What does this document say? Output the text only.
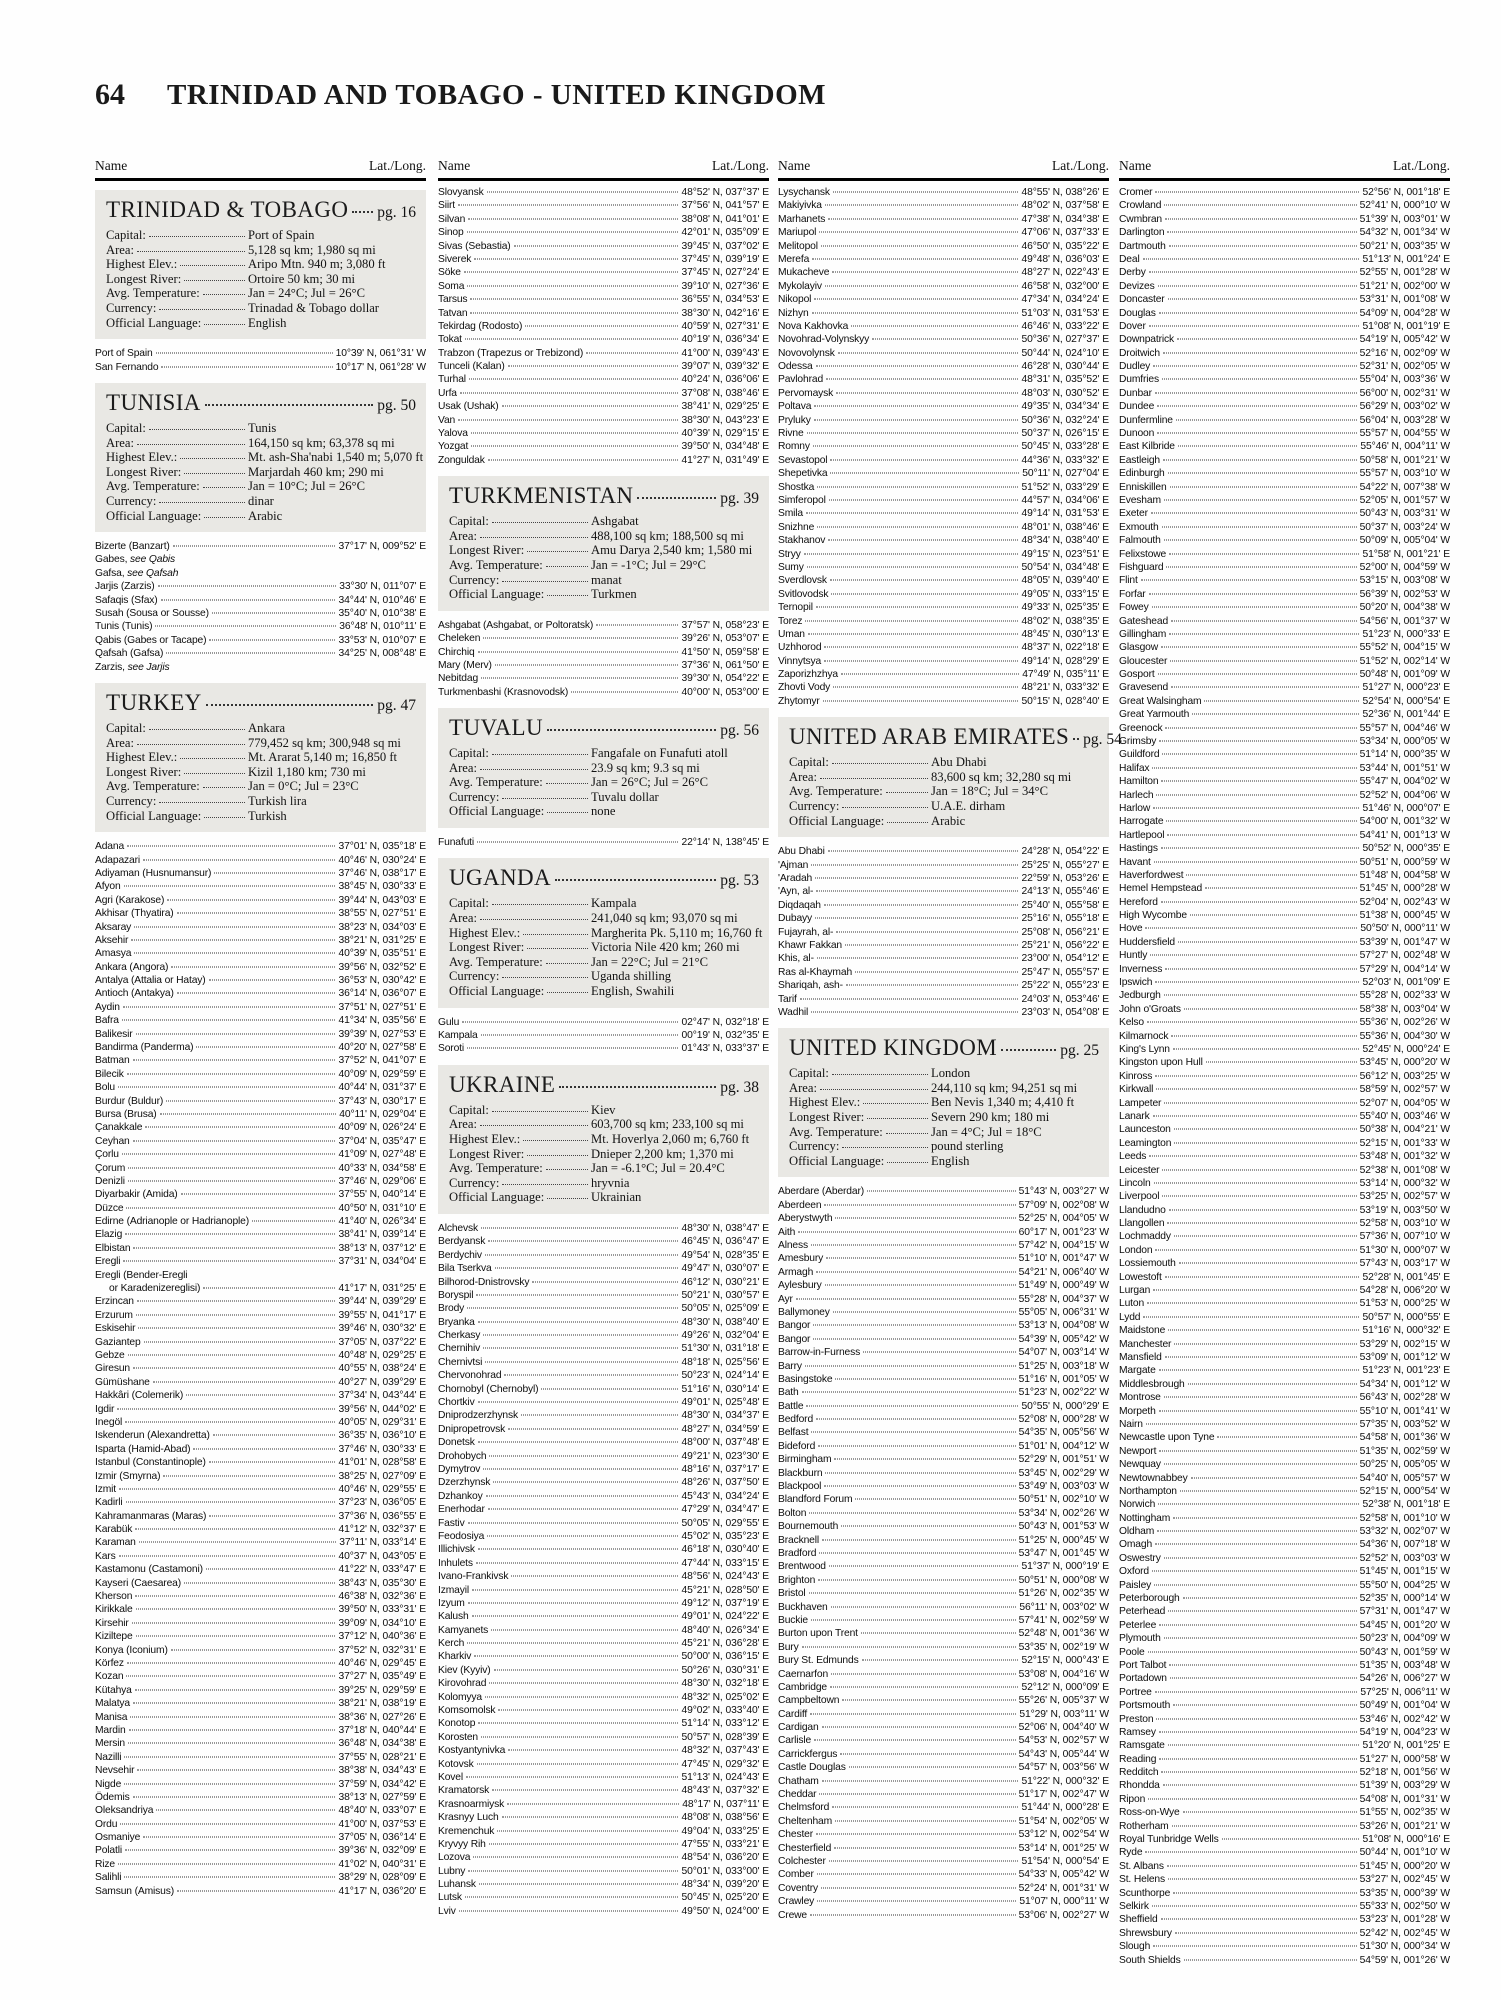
64 TRINIDAD AND TOBAGO - UNITED KINGDOM
Name	Lat./Long.
TRINIDAD & TOBAGO pg. 16
Capital:	Port of Spain
Area:	5,128 sq km; 1,980 sq mi
Highest Elev.:	Aripo Mtn. 940 m; 3,080 ft
Longest River:	Ortoire 50 km; 30 mi
Avg. Temperature:	Jan = 24°C; Jul = 26°C
Currency:	Trinadad & Tobago dollar
Official Language:	English
Port of Spain	10°39' N, 061°31' W
San Fernando	10°17' N, 061°28' W
TUNISIA	pg. 50
Capital:	Tunis
Area:	164,150 sq km; 63,378 sq mi
Highest Elev.:	Mt. ash-Sha'nabi 1,540 m; 5,070 ft
Longest River:	Marjardah 460 km; 290 mi
Avg. Temperature:	Jan = 10°C; Jul = 26°C
Currency:	dinar
Official Language:	Arabic
Bizerte (Banzart)	37°17' N, 009°52' E
Gabes, see Qabis
Gafsa, see Qafsah
Jarjis (Zarzis)	33°30' N, 011°07' E
Safaqis (Sfax)	34°44' N, 010°46' E
Susah (Sousa or Sousse)	35°40' N, 010°38' E
Tunis (Tunis)	36°48' N, 010°11' E
Qabis (Gabes or Tacape)	33°53' N, 010°07' E
Qafsah (Gafsa)	34°25' N, 008°48' E
Zarzis, see Jarjis
TURKEY	pg. 47
Capital:	Ankara
Area:	779,452 sq km; 300,948 sq mi
Highest Elev.:	Mt. Ararat 5,140 m; 16,850 ft
Longest River:	Kizil 1,180 km; 730 mi
Avg. Temperature:	Jan = 0°C; Jul = 23°C
Currency:	Turkish lira
Official Language:	Turkish
Adana	37°01' N, 035°18' E
Adapazari	40°46' N, 030°24' E
Adiyaman (Husnumansur)	37°46' N, 038°17' E
Afyon	38°45' N, 030°33' E
Agri (Karakose)	39°44' N, 043°03' E
Akhisar (Thyatira)	38°55' N, 027°51' E
Aksaray	38°23' N, 034°03' E
Aksehir	38°21' N, 031°25' E
Amasya	40°39' N, 035°51' E
Ankara (Angora)	39°56' N, 032°52' E
Antalya (Attalia or Hatay)	36°53' N, 030°42' E
Antioch (Antakya)	36°14' N, 036°07' E
Aydin	37°51' N, 027°51' E
Bafra	41°34' N, 035°56' E
Balikesir	39°39' N, 027°53' E
Bandirma (Panderma)	40°20' N, 027°58' E
Batman	37°52' N, 041°07' E
Bilecik	40°09' N, 029°59' E
Bolu	40°44' N, 031°37' E
Burdur (Buldur)	37°43' N, 030°17' E
Bursa (Brusa)	40°11' N, 029°04' E
Çanakkale	40°09' N, 026°24' E
Ceyhan	37°04' N, 035°47' E
Çorlu	41°09' N, 027°48' E
Çorum	40°33' N, 034°58' E
Denizli	37°46' N, 029°06' E
Diyarbakir (Amida)	37°55' N, 040°14' E
Düzce	40°50' N, 031°10' E
Edirne (Adrianople or Hadrianople)	41°40' N, 026°34' E
Elazig	38°41' N, 039°14' E
Elbistan	38°13' N, 037°12' E
Eregli	37°31' N, 034°04' E
Eregli (Bender-Eregli
or Karadenizereglisi)	41°17' N, 031°25' E
Erzincan	39°44' N, 039°29' E
Erzurum	39°55' N, 041°17' E
Eskisehir	39°46' N, 030°32' E
Gaziantep	37°05' N, 037°22' E
Gebze	40°48' N, 029°25' E
Giresun	40°55' N, 038°24' E
Gümüshane	40°27' N, 039°29' E
Hakkâri (Colemerik)	37°34' N, 043°44' E
Igdir	39°56' N, 044°02' E
Inegöl	40°05' N, 029°31' E
Iskenderun (Alexandretta)	36°35' N, 036°10' E
Isparta (Hamid-Abad)	37°46' N, 030°33' E
Istanbul (Constantinople)	41°01' N, 028°58' E
Izmir (Smyrna)	38°25' N, 027°09' E
Izmit	40°46' N, 029°55' E
Kadirli	37°23' N, 036°05' E
Kahramanmaras (Maras)	37°36' N, 036°55' E
Karabük	41°12' N, 032°37' E
Karaman	37°11' N, 033°14' E
Kars	40°37' N, 043°05' E
Kastamonu (Castamoni)	41°22' N, 033°47' E
Kayseri (Caesarea)	38°43' N, 035°30' E
Kherson	46°38' N, 032°36' E
Kirikkale	39°50' N, 033°31' E
Kirsehir	39°09' N, 034°10' E
Kiziltepe	37°12' N, 040°36' E
Konya (Iconium)	37°52' N, 032°31' E
Körfez	40°46' N, 029°45' E
Kozan	37°27' N, 035°49' E
Kütahya	39°25' N, 029°59' E
Malatya	38°21' N, 038°19' E
Manisa	38°36' N, 027°26' E
Mardin	37°18' N, 040°44' E
Mersin	36°48' N, 034°38' E
Nazilli	37°55' N, 028°21' E
Nevsehir	38°38' N, 034°43' E
Nigde	37°59' N, 034°42' E
Ödemis	38°13' N, 027°59' E
Oleksandriya	48°40' N, 033°07' E
Ordu	41°00' N, 037°53' E
Osmaniye	37°05' N, 036°14' E
Polatli	39°36' N, 032°09' E
Rize	41°02' N, 040°31' E
Salihli	38°29' N, 028°09' E
Samsun (Amisus)	41°17' N, 036°20' E
Name	Lat./Long.
Slovyansk	48°52' N, 037°37' E
Siirt	37°56' N, 041°57' E
Silvan	38°08' N, 041°01' E
Sinop	42°01' N, 035°09' E
Sivas (Sebastia)	39°45' N, 037°02' E
Siverek	37°45' N, 039°19' E
Söke	37°45' N, 027°24' E
Soma	39°10' N, 027°36' E
Tarsus	36°55' N, 034°53' E
Tatvan	38°30' N, 042°16' E
Tekirdag (Rodosto)	40°59' N, 027°31' E
Tokat	40°19' N, 036°34' E
Trabzon (Trapezus or Trebizond)	41°00' N, 039°43' E
Tunceli (Kalan)	39°07' N, 039°32' E
Turhal	40°24' N, 036°06' E
Urfa	37°08' N, 038°46' E
Usak (Ushak)	38°41' N, 029°25' E
Van	38°30' N, 043°23' E
Yalova	40°39' N, 029°15' E
Yozgat	39°50' N, 034°48' E
Zonguldak	41°27' N, 031°49' E
TURKMENISTAN	pg. 39
Capital:	Ashgabat
Area:	488,100 sq km; 188,500 sq mi
Longest River:	Amu Darya 2,540 km; 1,580 mi
Avg. Temperature:	Jan = -1°C; Jul = 29°C
Currency:	manat
Official Language:	Turkmen
Ashgabat (Ashgabat, or Poltoratsk)	37°57' N, 058°23' E
Cheleken	39°26' N, 053°07' E
Chirchiq	41°50' N, 059°58' E
Mary (Merv)	37°36' N, 061°50' E
Nebitdag	39°30' N, 054°22' E
Turkmenbashi (Krasnovodsk)	40°00' N, 053°00' E
TUVALU	pg. 56
Capital:	Fangafale on Funafuti atoll
Area:	23.9 sq km; 9.3 sq mi
Avg. Temperature:	Jan = 26°C; Jul = 26°C
Currency:	Tuvalu dollar
Official Language:	none
Funafuti	22°14' N, 138°45' E
UGANDA	pg. 53
Capital:	Kampala
Area:	241,040 sq km; 93,070 sq mi
Highest Elev.:	Margherita Pk. 5,110 m; 16,760 ft
Longest River:	Victoria Nile 420 km; 260 mi
Avg. Temperature:	Jan = 22°C; Jul = 21°C
Currency:	Uganda shilling
Official Language:	English, Swahili
Gulu	02°47' N, 032°18' E
Kampala	00°19' N, 032°35' E
Soroti	01°43' N, 033°37' E
UKRAINE	pg. 38
Capital:	Kiev
Area:	603,700 sq km; 233,100 sq mi
Highest Elev.:	Mt. Hoverlya 2,060 m; 6,760 ft
Longest River:	Dnieper 2,200 km; 1,370 mi
Avg. Temperature:	Jan = -6.1°C; Jul = 20.4°C
Currency:	hryvnia
Official Language:	Ukrainian
Alchevsk	48°30' N, 038°47' E
Berdyansk	46°45' N, 036°47' E
Berdychiv	49°54' N, 028°35' E
Bila Tserkva	49°47' N, 030°07' E
Bilhorod-Dnistrovsky	46°12' N, 030°21' E
Boryspil	50°21' N, 030°57' E
Brody	50°05' N, 025°09' E
Bryanka	48°30' N, 038°40' E
Cherkasy	49°26' N, 032°04' E
Chernihiv	51°30' N, 031°18' E
Chernivtsi	48°18' N, 025°56' E
Chervonohrad	50°23' N, 024°14' E
Chornobyl (Chernobyl)	51°16' N, 030°14' E
Chortkiv	49°01' N, 025°48' E
Dniprodzerzhynsk	48°30' N, 034°37' E
Dnipropetrovsk	48°27' N, 034°59' E
Donetsk	48°00' N, 037°48' E
Drohobych	49°21' N, 023°30' E
Dymytrov	48°16' N, 037°17' E
Dzerzhynsk	48°26' N, 037°50' E
Dzhankoy	45°43' N, 034°24' E
Enerhodar	47°29' N, 034°47' E
Fastiv	50°05' N, 029°55' E
Feodosiya	45°02' N, 035°23' E
Illichivsk	46°18' N, 030°40' E
Inhulets	47°44' N, 033°15' E
Ivano-Frankivsk	48°56' N, 024°43' E
Izmayil	45°21' N, 028°50' E
Izyum	49°12' N, 037°19' E
Kalush	49°01' N, 024°22' E
Kamyanets	48°40' N, 026°34' E
Kerch	45°21' N, 036°28' E
Kharkiv	50°00' N, 036°15' E
Kiev (Kyyiv)	50°26' N, 030°31' E
Kirovohrad	48°30' N, 032°18' E
Kolomyya	48°32' N, 025°02' E
Komsomolsk	49°02' N, 033°40' E
Konotop	51°14' N, 033°12' E
Korosten	50°57' N, 028°39' E
Kostyantynivka	48°32' N, 037°43' E
Kotovsk	47°45' N, 029°32' E
Kovel	51°13' N, 024°43' E
Kramatorsk	48°43' N, 037°32' E
Krasnoarmiysk	48°17' N, 037°11' E
Krasnyy Luch	48°08' N, 038°56' E
Kremenchuk	49°04' N, 033°25' E
Kryvyy Rih	47°55' N, 033°21' E
Lozova	48°54' N, 036°20' E
Lubny	50°01' N, 033°00' E
Luhansk	48°34' N, 039°20' E
Lutsk	50°45' N, 025°20' E
Lviv	49°50' N, 024°00' E
Name	Lat./Long.
Lysychansk	48°55' N, 038°26' E
Makiyivka	48°02' N, 037°58' E
Marhanets	47°38' N, 034°38' E
Mariupol	47°06' N, 037°33' E
Melitopol	46°50' N, 035°22' E
Merefa	49°48' N, 036°03' E
Mukacheve	48°27' N, 022°43' E
Mykolayiv	46°58' N, 032°00' E
Nikopol	47°34' N, 034°24' E
Nizhyn	51°03' N, 031°53' E
Nova Kakhovka	46°46' N, 033°22' E
Novohrad-Volynskyy	50°36' N, 027°37' E
Novovolynsk	50°44' N, 024°10' E
Odessa	46°28' N, 030°44' E
Pavlohrad	48°31' N, 035°52' E
Pervomaysk	48°03' N, 030°52' E
Poltava	49°35' N, 034°34' E
Pryluky	50°36' N, 032°24' E
Rivne	50°37' N, 026°15' E
Romny	50°45' N, 033°28' E
Sevastopol	44°36' N, 033°32' E
Shepetivka	50°11' N, 027°04' E
Shostka	51°52' N, 033°29' E
Simferopol	44°57' N, 034°06' E
Smila	49°14' N, 031°53' E
Snizhne	48°01' N, 038°46' E
Stakhanov	48°34' N, 038°40' E
Stryy	49°15' N, 023°51' E
Sumy	50°54' N, 034°48' E
Sverdlovsk	48°05' N, 039°40' E
Svitlovodsk	49°05' N, 033°15' E
Ternopil	49°33' N, 025°35' E
Torez	48°02' N, 038°35' E
Uman	48°45' N, 030°13' E
Uzhhorod	48°37' N, 022°18' E
Vinnytsya	49°14' N, 028°29' E
Zaporizhzhya	47°49' N, 035°11' E
Zhovti Vody	48°21' N, 033°32' E
Zhytomyr	50°15' N, 028°40' E
UNITED ARAB EMIRATES pg. 54
Capital:	Abu Dhabi
Area:	83,600 sq km; 32,280 sq mi
Avg. Temperature:	Jan = 18°C; Jul = 34°C
Currency:	U.A.E. dirham
Official Language:	Arabic
Abu Dhabi	24°28' N, 054°22' E
'Ajman	25°25' N, 055°27' E
'Aradah	22°59' N, 053°26' E
'Ayn, al-	24°13' N, 055°46' E
Diqdaqah	25°40' N, 055°58' E
Dubayy	25°16' N, 055°18' E
Fujayrah, al-	25°08' N, 056°21' E
Khawr Fakkan	25°21' N, 056°22' E
Khis, al-	23°00' N, 054°12' E
Ras al-Khaymah	25°47' N, 055°57' E
Shariqah, ash-	25°22' N, 055°23' E
Tarif	24°03' N, 053°46' E
Wadhil	23°03' N, 054°08' E
UNITED KINGDOM	pg. 25
Capital:	London
Area:	244,110 sq km; 94,251 sq mi
Highest Elev.:	Ben Nevis 1,340 m; 4,410 ft
Longest River:	Severn 290 km; 180 mi
Avg. Temperature:	Jan = 4°C; Jul = 18°C
Currency:	pound sterling
Official Language:	English
Aberdare (Aberdar)	51°43' N, 003°27' W
Aberdeen	57°09' N, 002°08' W
Aberystwyth	52°25' N, 004°05' W
Aith	60°17' N, 001°23' W
Alness	57°42' N, 004°15' W
Amesbury	51°10' N, 001°47' W
Armagh	54°21' N, 006°40' W
Aylesbury	51°49' N, 000°49' W
Ayr	55°28' N, 004°37' W
Ballymoney	55°05' N, 006°31' W
Bangor	53°13' N, 004°08' W
Bangor	54°39' N, 005°42' W
Barrow-in-Furness	54°07' N, 003°14' W
Barry	51°25' N, 003°18' W
Basingstoke	51°16' N, 001°05' W
Bath	51°23' N, 002°22' W
Battle	50°55' N, 000°29' E
Bedford	52°08' N, 000°28' W
Belfast	54°35' N, 005°56' W
Bideford	51°01' N, 004°12' W
Birmingham	52°29' N, 001°51' W
Blackburn	53°45' N, 002°29' W
Blackpool	53°49' N, 003°03' W
Blandford Forum	50°51' N, 002°10' W
Bolton	53°34' N, 002°26' W
Bournemouth	50°43' N, 001°53' W
Bracknell	51°25' N, 000°45' W
Bradford	53°47' N, 001°45' W
Brentwood	51°37' N, 000°19' E
Brighton	50°51' N, 000°08' W
Bristol	51°26' N, 002°35' W
Buckhaven	56°11' N, 003°02' W
Buckie	57°41' N, 002°59' W
Burton upon Trent	52°48' N, 001°36' W
Bury	53°35' N, 002°19' W
Bury St. Edmunds	52°15' N, 000°43' E
Caernarfon	53°08' N, 004°16' W
Cambridge	52°12' N, 000°09' E
Campbeltown	55°26' N, 005°37' W
Cardiff	51°29' N, 003°11' W
Cardigan	52°06' N, 004°40' W
Carlisle	54°53' N, 002°57' W
Carrickfergus	54°43' N, 005°44' W
Castle Douglas	54°57' N, 003°56' W
Chatham	51°22' N, 000°32' E
Cheddar	51°17' N, 002°47' W
Chelmsford	51°44' N, 000°28' E
Cheltenham	51°54' N, 002°05' W
Chester	53°12' N, 002°54' W
Chesterfield	53°14' N, 001°25' W
Colchester	51°54' N, 000°54' E
Comber	54°33' N, 005°42' W
Coventry	52°24' N, 001°31' W
Crawley	51°07' N, 000°11' W
Crewe	53°06' N, 002°27' W
Name	Lat./Long.
Cromer	52°56' N, 001°18' E
Crowland	52°41' N, 000°10' W
Cwmbran	51°39' N, 003°01' W
Darlington	54°32' N, 001°34' W
Dartmouth	50°21' N, 003°35' W
Deal	51°13' N, 001°24' E
Derby	52°55' N, 001°28' W
Devizes	51°21' N, 002°00' W
Doncaster	53°31' N, 001°08' W
Douglas	54°09' N, 004°28' W
Dover	51°08' N, 001°19' E
Downpatrick	54°19' N, 005°42' W
Droitwich	52°16' N, 002°09' W
Dudley	52°31' N, 002°05' W
Dumfries	55°04' N, 003°36' W
Dunbar	56°00' N, 002°31' W
Dundee	56°29' N, 003°02' W
Dunfermline	56°04' N, 003°28' W
Dunoon	55°57' N, 004°55' W
East Kilbride	55°46' N, 004°11' W
Eastleigh	50°58' N, 001°21' W
Edinburgh	55°57' N, 003°10' W
Enniskillen	54°22' N, 007°38' W
Evesham	52°05' N, 001°57' W
Exeter	50°43' N, 003°31' W
Exmouth	50°37' N, 003°24' W
Falmouth	50°09' N, 005°04' W
Felixstowe	51°58' N, 001°21' E
Fishguard	52°00' N, 004°59' W
Flint	53°15' N, 003°08' W
Forfar	56°39' N, 002°53' W
Fowey	50°20' N, 004°38' W
Gateshead	54°56' N, 001°37' W
Gillingham	51°23' N, 000°33' E
Glasgow	55°52' N, 004°15' W
Gloucester	51°52' N, 002°14' W
Gosport	50°48' N, 001°09' W
Gravesend	51°27' N, 000°23' E
Great Walsingham	52°54' N, 000°54' E
Great Yarmouth	52°36' N, 001°44' E
Greenock	55°57' N, 004°46' W
Grimsby	53°34' N, 000°05' W
Guildford	51°14' N, 000°35' W
Halifax	53°44' N, 001°51' W
Hamilton	55°47' N, 004°02' W
Harlech	52°52' N, 004°06' W
Harlow	51°46' N, 000°07' E
Harrogate	54°00' N, 001°32' W
Hartlepool	54°41' N, 001°13' W
Hastings	50°52' N, 000°35' E
Havant	50°51' N, 000°59' W
Haverfordwest	51°48' N, 004°58' W
Hemel Hempstead	51°45' N, 000°28' W
Hereford	52°04' N, 002°43' W
High Wycombe	51°38' N, 000°45' W
Hove	50°50' N, 000°11' W
Huddersfield	53°39' N, 001°47' W
Huntly	57°27' N, 002°48' W
Inverness	57°29' N, 004°14' W
Ipswich	52°03' N, 001°09' E
Jedburgh	55°28' N, 002°33' W
John o'Groats	58°38' N, 003°04' W
Kelso	55°36' N, 002°26' W
Kilmarnock	55°36' N, 004°30' W
King's Lynn	52°45' N, 000°24' E
Kingston upon Hull	53°45' N, 000°20' W
Kinross	56°12' N, 003°25' W
Kirkwall	58°59' N, 002°57' W
Lampeter	52°07' N, 004°05' W
Lanark	55°40' N, 003°46' W
Launceston	50°38' N, 004°21' W
Leamington	52°15' N, 001°33' W
Leeds	53°48' N, 001°32' W
Leicester	52°38' N, 001°08' W
Lincoln	53°14' N, 000°32' W
Liverpool	53°25' N, 002°57' W
Llandudno	53°19' N, 003°50' W
Llangollen	52°58' N, 003°10' W
Lochmaddy	57°36' N, 007°10' W
London	51°30' N, 000°07' W
Lossiemouth	57°43' N, 003°17' W
Lowestoft	52°28' N, 001°45' E
Lurgan	54°28' N, 006°20' W
Luton	51°53' N, 000°25' W
Lydd	50°57' N, 000°55' E
Maidstone	51°16' N, 000°32' E
Manchester	53°29' N, 002°15' W
Mansfield	53°09' N, 001°12' W
Margate	51°23' N, 001°23' E
Middlesbrough	54°34' N, 001°12' W
Montrose	56°43' N, 002°28' W
Morpeth	55°10' N, 001°41' W
Nairn	57°35' N, 003°52' W
Newcastle upon Tyne	54°58' N, 001°36' W
Newport	51°35' N, 002°59' W
Newquay	50°25' N, 005°05' W
Newtownabbey	54°40' N, 005°57' W
Northampton	52°15' N, 000°54' W
Norwich	52°38' N, 001°18' E
Nottingham	52°58' N, 001°10' W
Oldham	53°32' N, 002°07' W
Omagh	54°36' N, 007°18' W
Oswestry	52°52' N, 003°03' W
Oxford	51°45' N, 001°15' W
Paisley	55°50' N, 004°25' W
Peterborough	52°35' N, 000°14' W
Peterhead	57°31' N, 001°47' W
Peterlee	54°45' N, 001°20' W
Plymouth	50°23' N, 004°09' W
Poole	50°43' N, 001°59' W
Port Talbot	51°35' N, 003°48' W
Portadown	54°26' N, 006°27' W
Portree	57°25' N, 006°11' W
Portsmouth	50°49' N, 001°04' W
Preston	53°46' N, 002°42' W
Ramsey	54°19' N, 004°23' W
Ramsgate	51°20' N, 001°25' E
Reading	51°27' N, 000°58' W
Redditch	52°18' N, 001°56' W
Rhondda	51°39' N, 003°29' W
Ripon	54°08' N, 001°31' W
Ross-on-Wye	51°55' N, 002°35' W
Rotherham	53°26' N, 001°21' W
Royal Tunbridge Wells	51°08' N, 000°16' E
Ryde	50°44' N, 001°10' W
St. Albans	51°45' N, 000°20' W
St. Helens	53°27' N, 002°45' W
Scunthorpe	53°35' N, 000°39' W
Selkirk	55°33' N, 002°50' W
Sheffield	53°23' N, 001°28' W
Shrewsbury	52°42' N, 002°45' W
Slough	51°30' N, 000°34' W
South Shields	54°59' N, 001°26' W
